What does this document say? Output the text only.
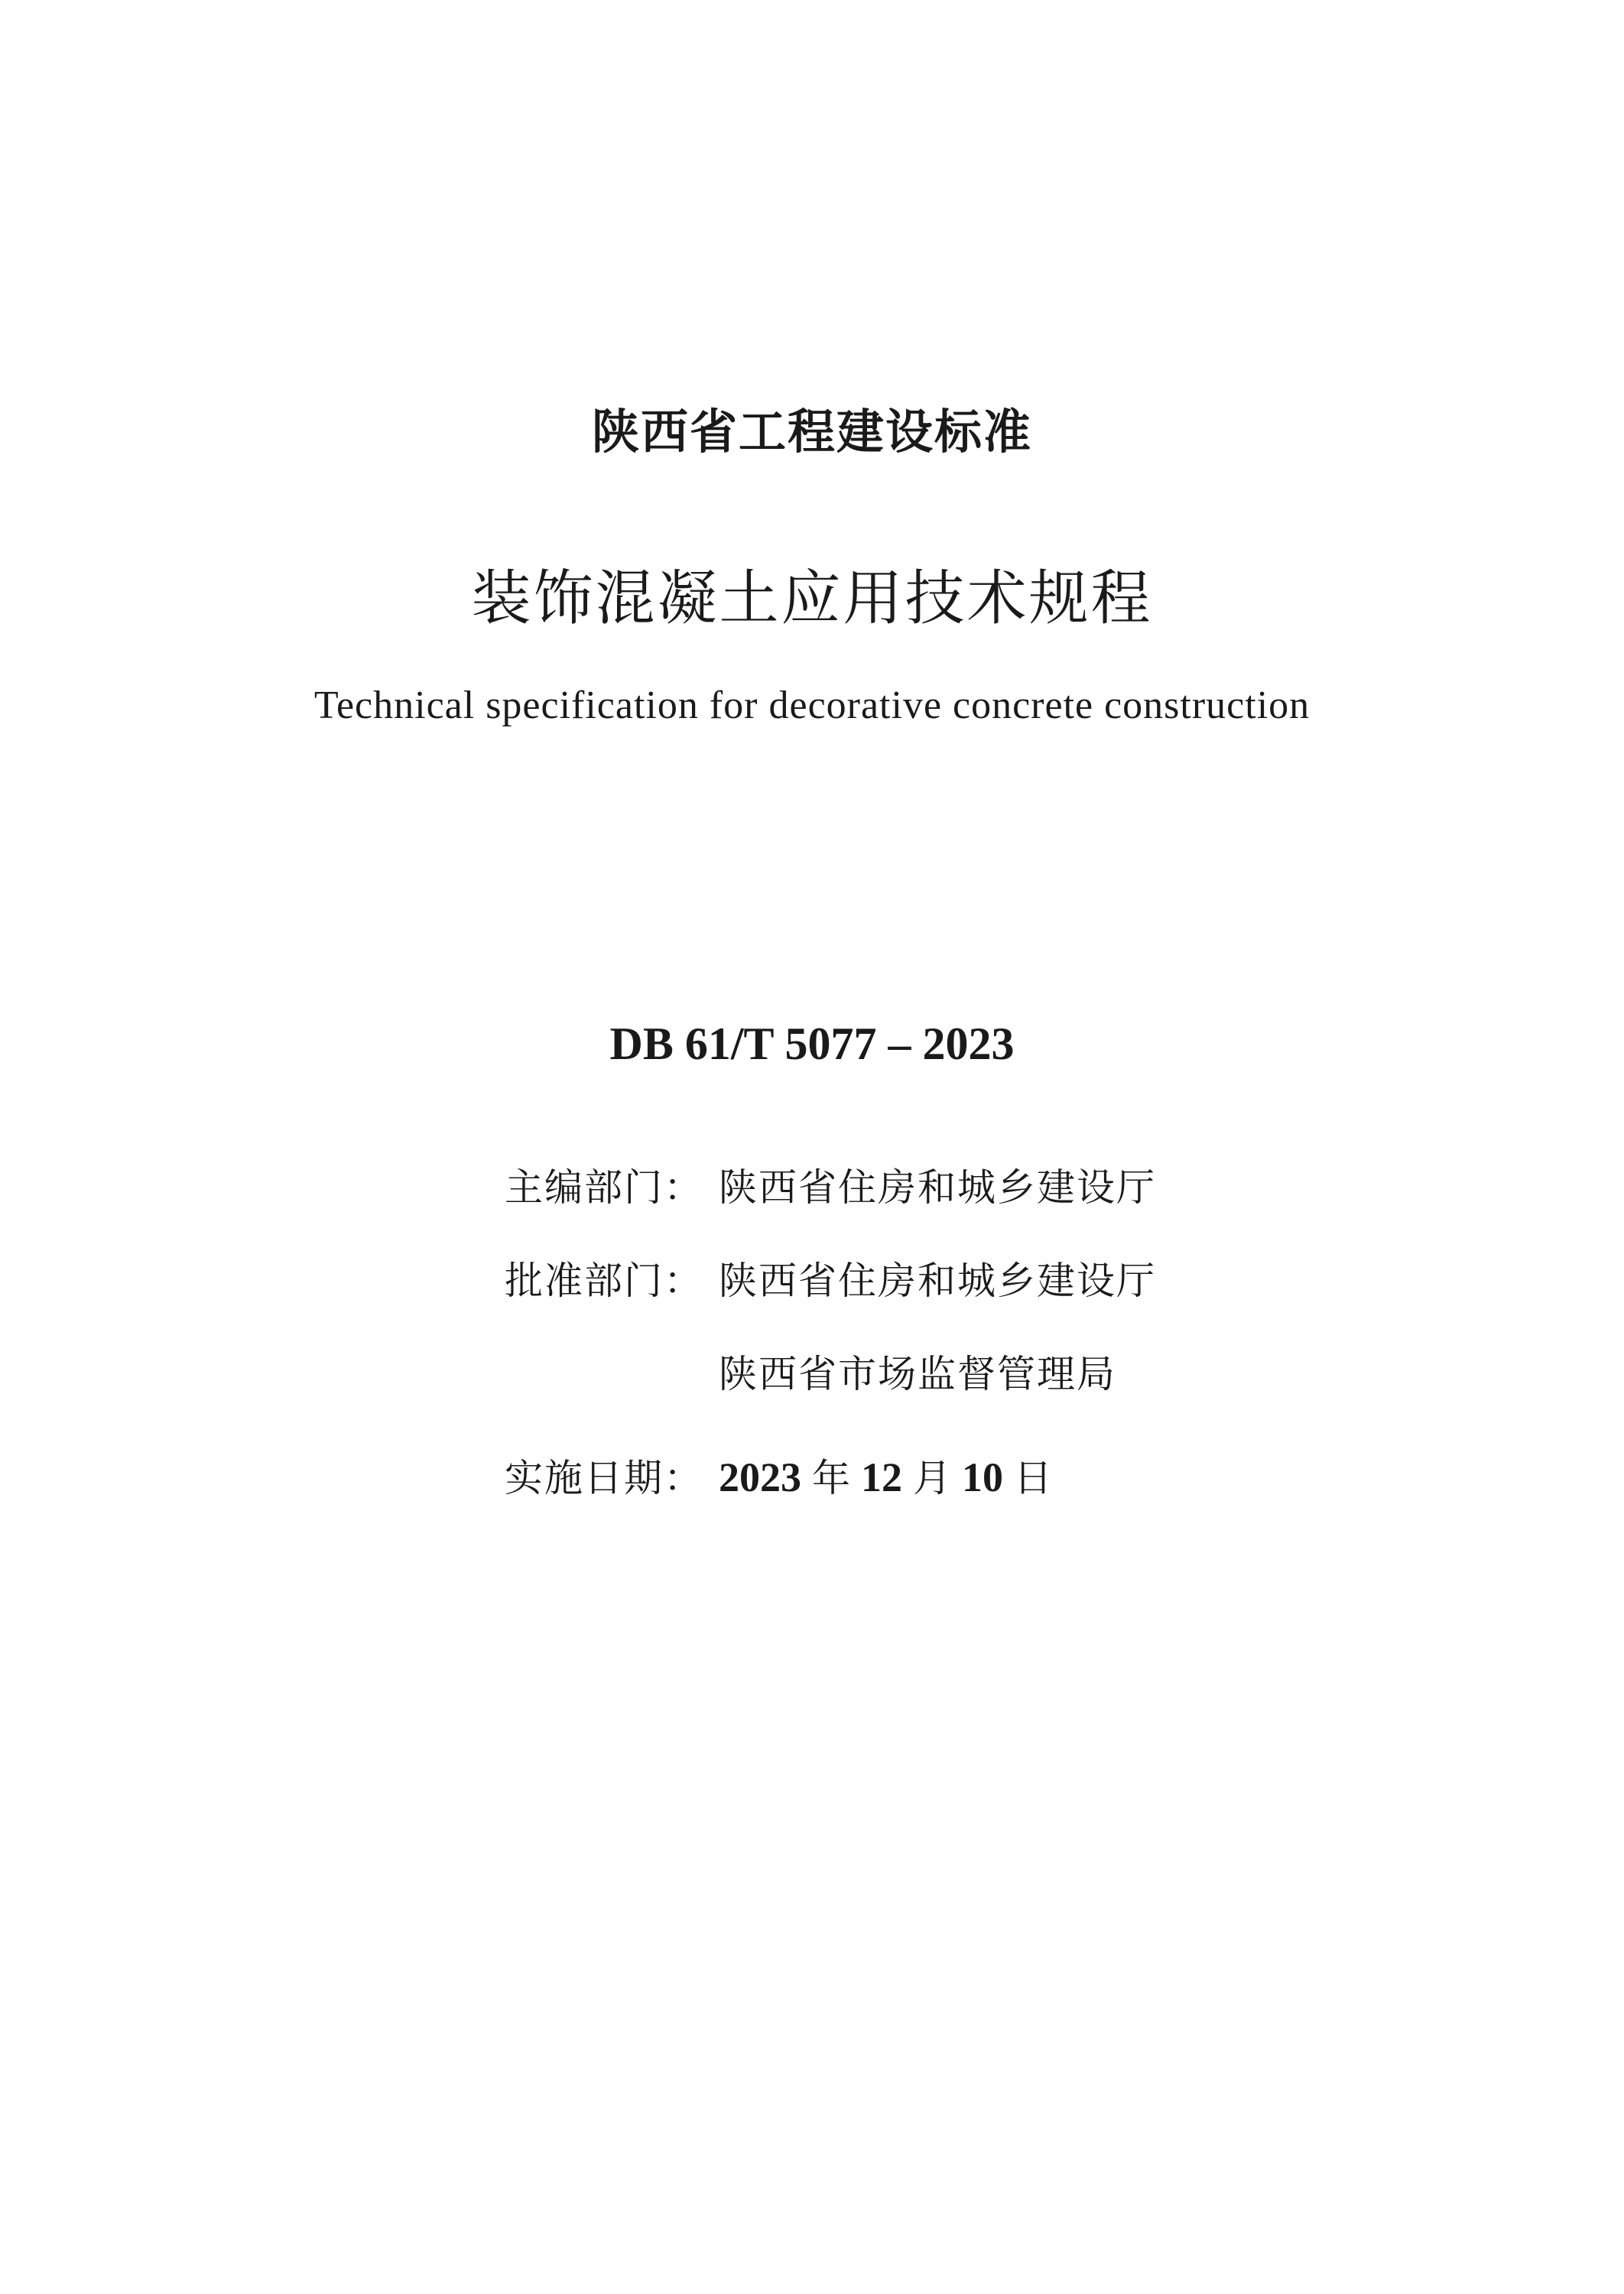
陕西省工程建设标准
装饰混凝土应用技术规程
Technical specification for decorative concrete construction
DB 61/T 5077 – 2023
主编部门： 陕西省住房和城乡建设厅
批准部门： 陕西省住房和城乡建设厅
陕西省市场监督管理局
实施日期： 2023 年 12 月 10 日
